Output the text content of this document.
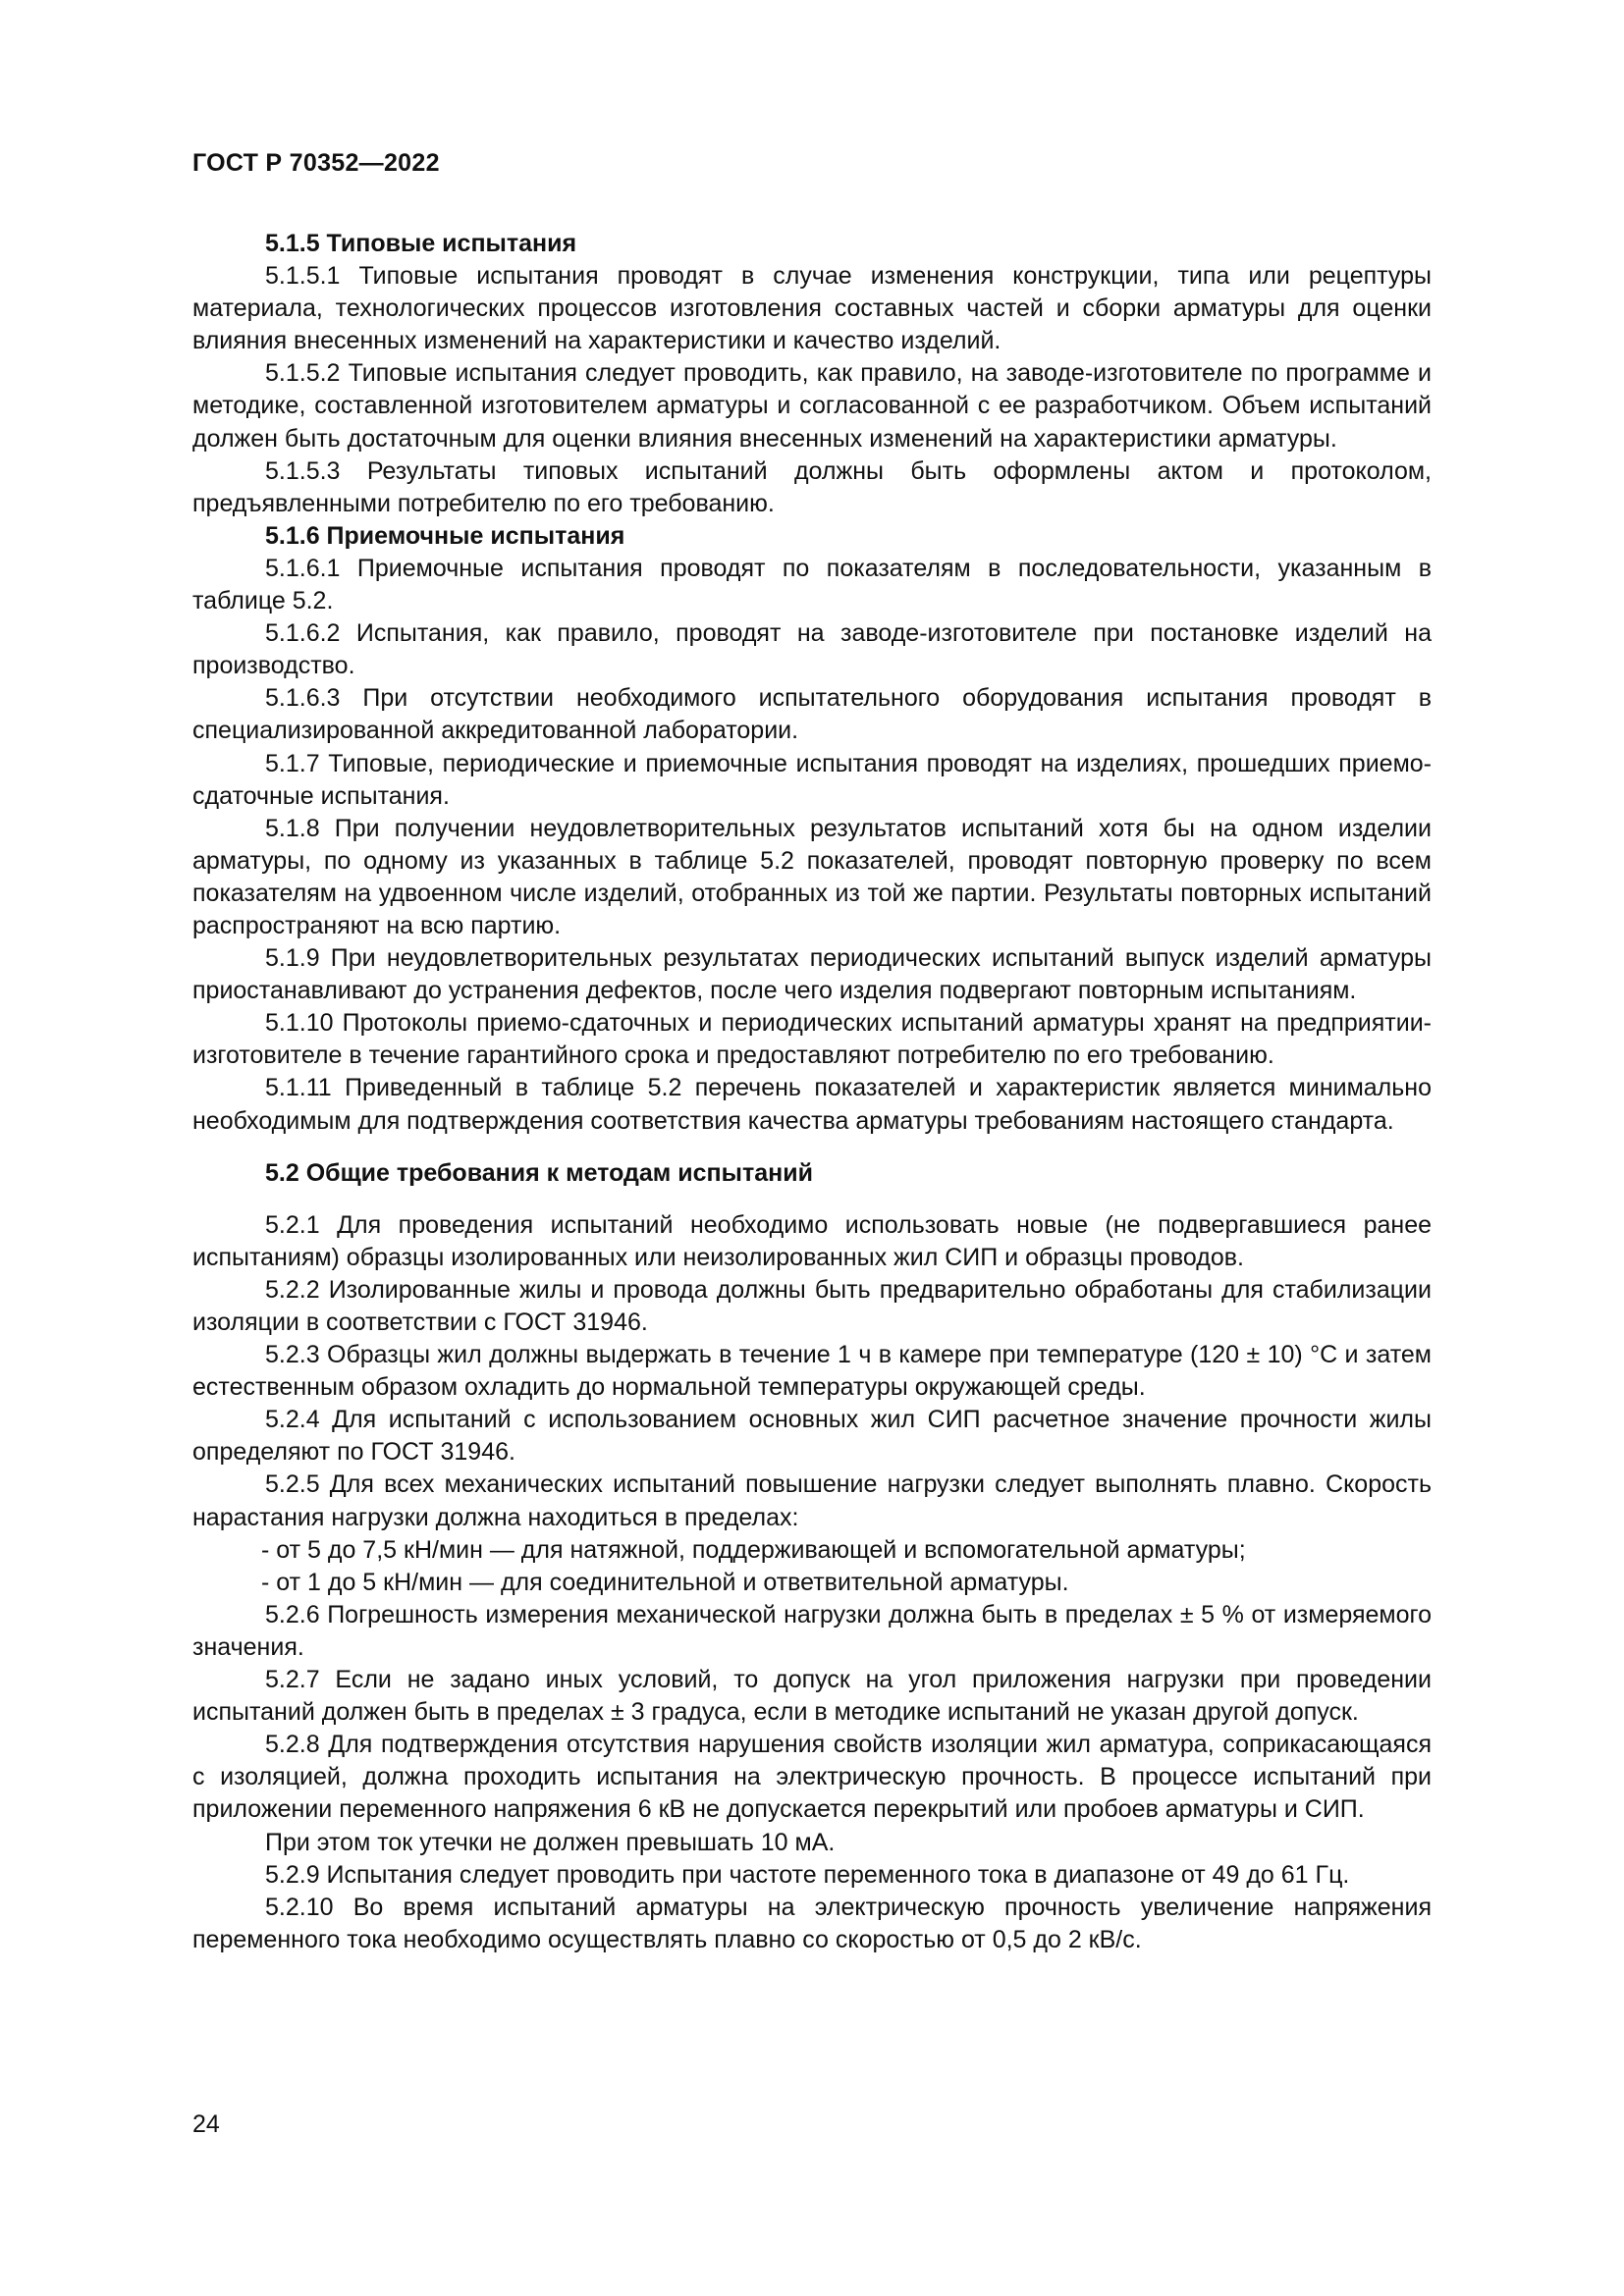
ГОСТ Р 70352—2022

5.1.5 Типовые испытания

5.1.5.1 Типовые испытания проводят в случае изменения конструкции, типа или рецептуры материала, технологических процессов изготовления составных частей и сборки арматуры для оценки влияния внесенных изменений на характеристики и качество изделий.

5.1.5.2 Типовые испытания следует проводить, как правило, на заводе-изготовителе по программе и методике, составленной изготовителем арматуры и согласованной с ее разработчиком. Объем испытаний должен быть достаточным для оценки влияния внесенных изменений на характеристики арматуры.

5.1.5.3 Результаты типовых испытаний должны быть оформлены актом и протоколом, предъявленными потребителю по его требованию.

5.1.6 Приемочные испытания

5.1.6.1 Приемочные испытания проводят по показателям в последовательности, указанным в таблице 5.2.

5.1.6.2 Испытания, как правило, проводят на заводе-изготовителе при постановке изделий на производство.

5.1.6.3 При отсутствии необходимого испытательного оборудования испытания проводят в специализированной аккредитованной лаборатории.

5.1.7 Типовые, периодические и приемочные испытания проводят на изделиях, прошедших приемо-сдаточные испытания.

5.1.8 При получении неудовлетворительных результатов испытаний хотя бы на одном изделии арматуры, по одному из указанных в таблице 5.2 показателей, проводят повторную проверку по всем показателям на удвоенном числе изделий, отобранных из той же партии. Результаты повторных испытаний распространяют на всю партию.

5.1.9 При неудовлетворительных результатах периодических испытаний выпуск изделий арматуры приостанавливают до устранения дефектов, после чего изделия подвергают повторным испытаниям.

5.1.10 Протоколы приемо-сдаточных и периодических испытаний арматуры хранят на предприятии-изготовителе в течение гарантийного срока и предоставляют потребителю по его требованию.

5.1.11 Приведенный в таблице 5.2 перечень показателей и характеристик является минимально необходимым для подтверждения соответствия качества арматуры требованиям настоящего стандарта.

5.2 Общие требования к методам испытаний

5.2.1 Для проведения испытаний необходимо использовать новые (не подвергавшиеся ранее испытаниям) образцы изолированных или неизолированных жил СИП и образцы проводов.

5.2.2 Изолированные жилы и провода должны быть предварительно обработаны для стабилизации изоляции в соответствии с ГОСТ 31946.

5.2.3 Образцы жил должны выдержать в течение 1 ч в камере при температуре (120 ± 10) °С и затем естественным образом охладить до нормальной температуры окружающей среды.

5.2.4 Для испытаний с использованием основных жил СИП расчетное значение прочности жилы определяют по ГОСТ 31946.

5.2.5 Для всех механических испытаний повышение нагрузки следует выполнять плавно. Скорость нарастания нагрузки должна находиться в пределах:

- от 5 до 7,5 кН/мин — для натяжной, поддерживающей и вспомогательной арматуры;

- от 1 до 5 кН/мин — для соединительной и ответвительной арматуры.

5.2.6 Погрешность измерения механической нагрузки должна быть в пределах ± 5 % от измеряемого значения.

5.2.7 Если не задано иных условий, то допуск на угол приложения нагрузки при проведении испытаний должен быть в пределах ± 3 градуса, если в методике испытаний не указан другой допуск.

5.2.8 Для подтверждения отсутствия нарушения свойств изоляции жил арматура, соприкасающаяся с изоляцией, должна проходить испытания на электрическую прочность. В процессе испытаний при приложении переменного напряжения 6 кВ не допускается перекрытий или пробоев арматуры и СИП.

При этом ток утечки не должен превышать 10 мА.

5.2.9 Испытания следует проводить при частоте переменного тока в диапазоне от 49 до 61 Гц.

5.2.10 Во время испытаний арматуры на электрическую прочность увеличение напряжения переменного тока необходимо осуществлять плавно со скоростью от 0,5 до 2 кВ/с.

24
